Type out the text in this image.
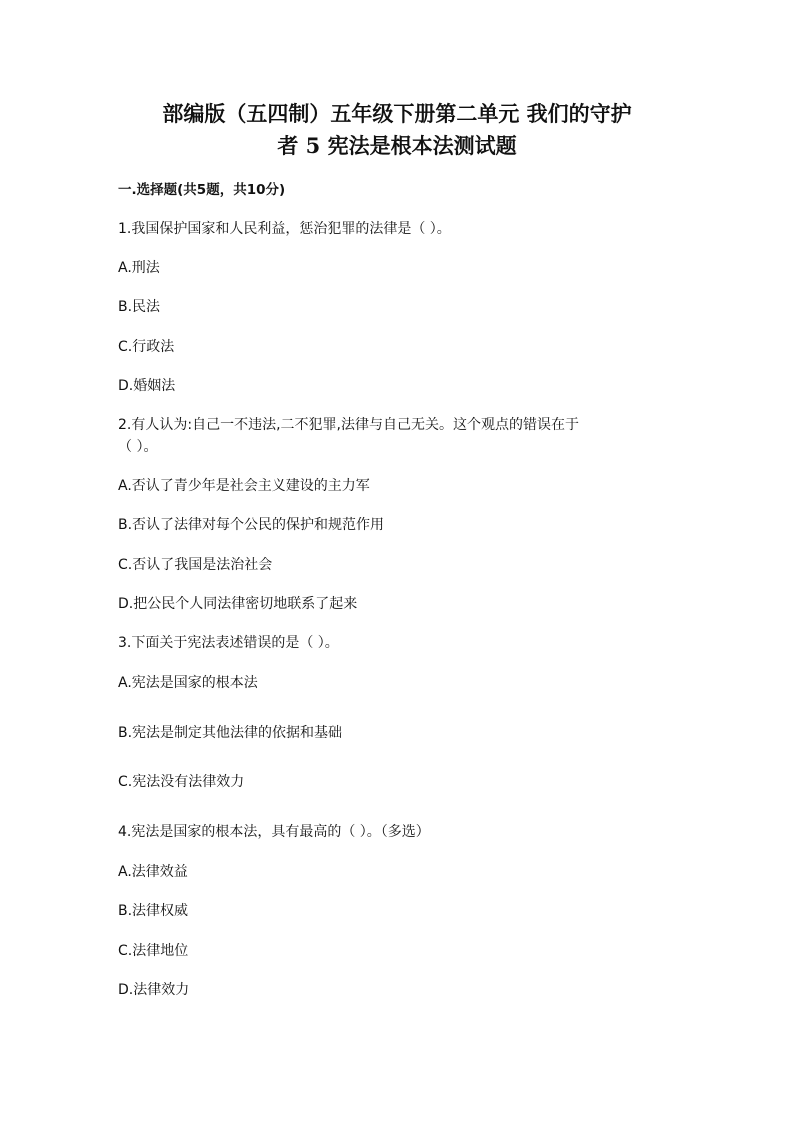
部编版（五四制）五年级下册第二单元 我们的守护
者 5 宪法是根本法测试题
一.选择题(共5题，共10分)
1.我国保护国家和人民利益，惩治犯罪的法律是（ ）。
A.刑法
B.民法
C.行政法
D.婚姻法
2.有人认为:自己一不违法,二不犯罪,法律与自己无关。这个观点的错误在于
（ ）。
A.否认了青少年是社会主义建设的主力军
B.否认了法律对每个公民的保护和规范作用
C.否认了我国是法治社会
D.把公民个人同法律密切地联系了起来
3.下面关于宪法表述错误的是（ ）。
A.宪法是国家的根本法
B.宪法是制定其他法律的依据和基础
C.宪法没有法律效力
4.宪法是国家的根本法，具有最高的（ ）。（多选）
A.法律效益
B.法律权威
C.法律地位
D.法律效力
